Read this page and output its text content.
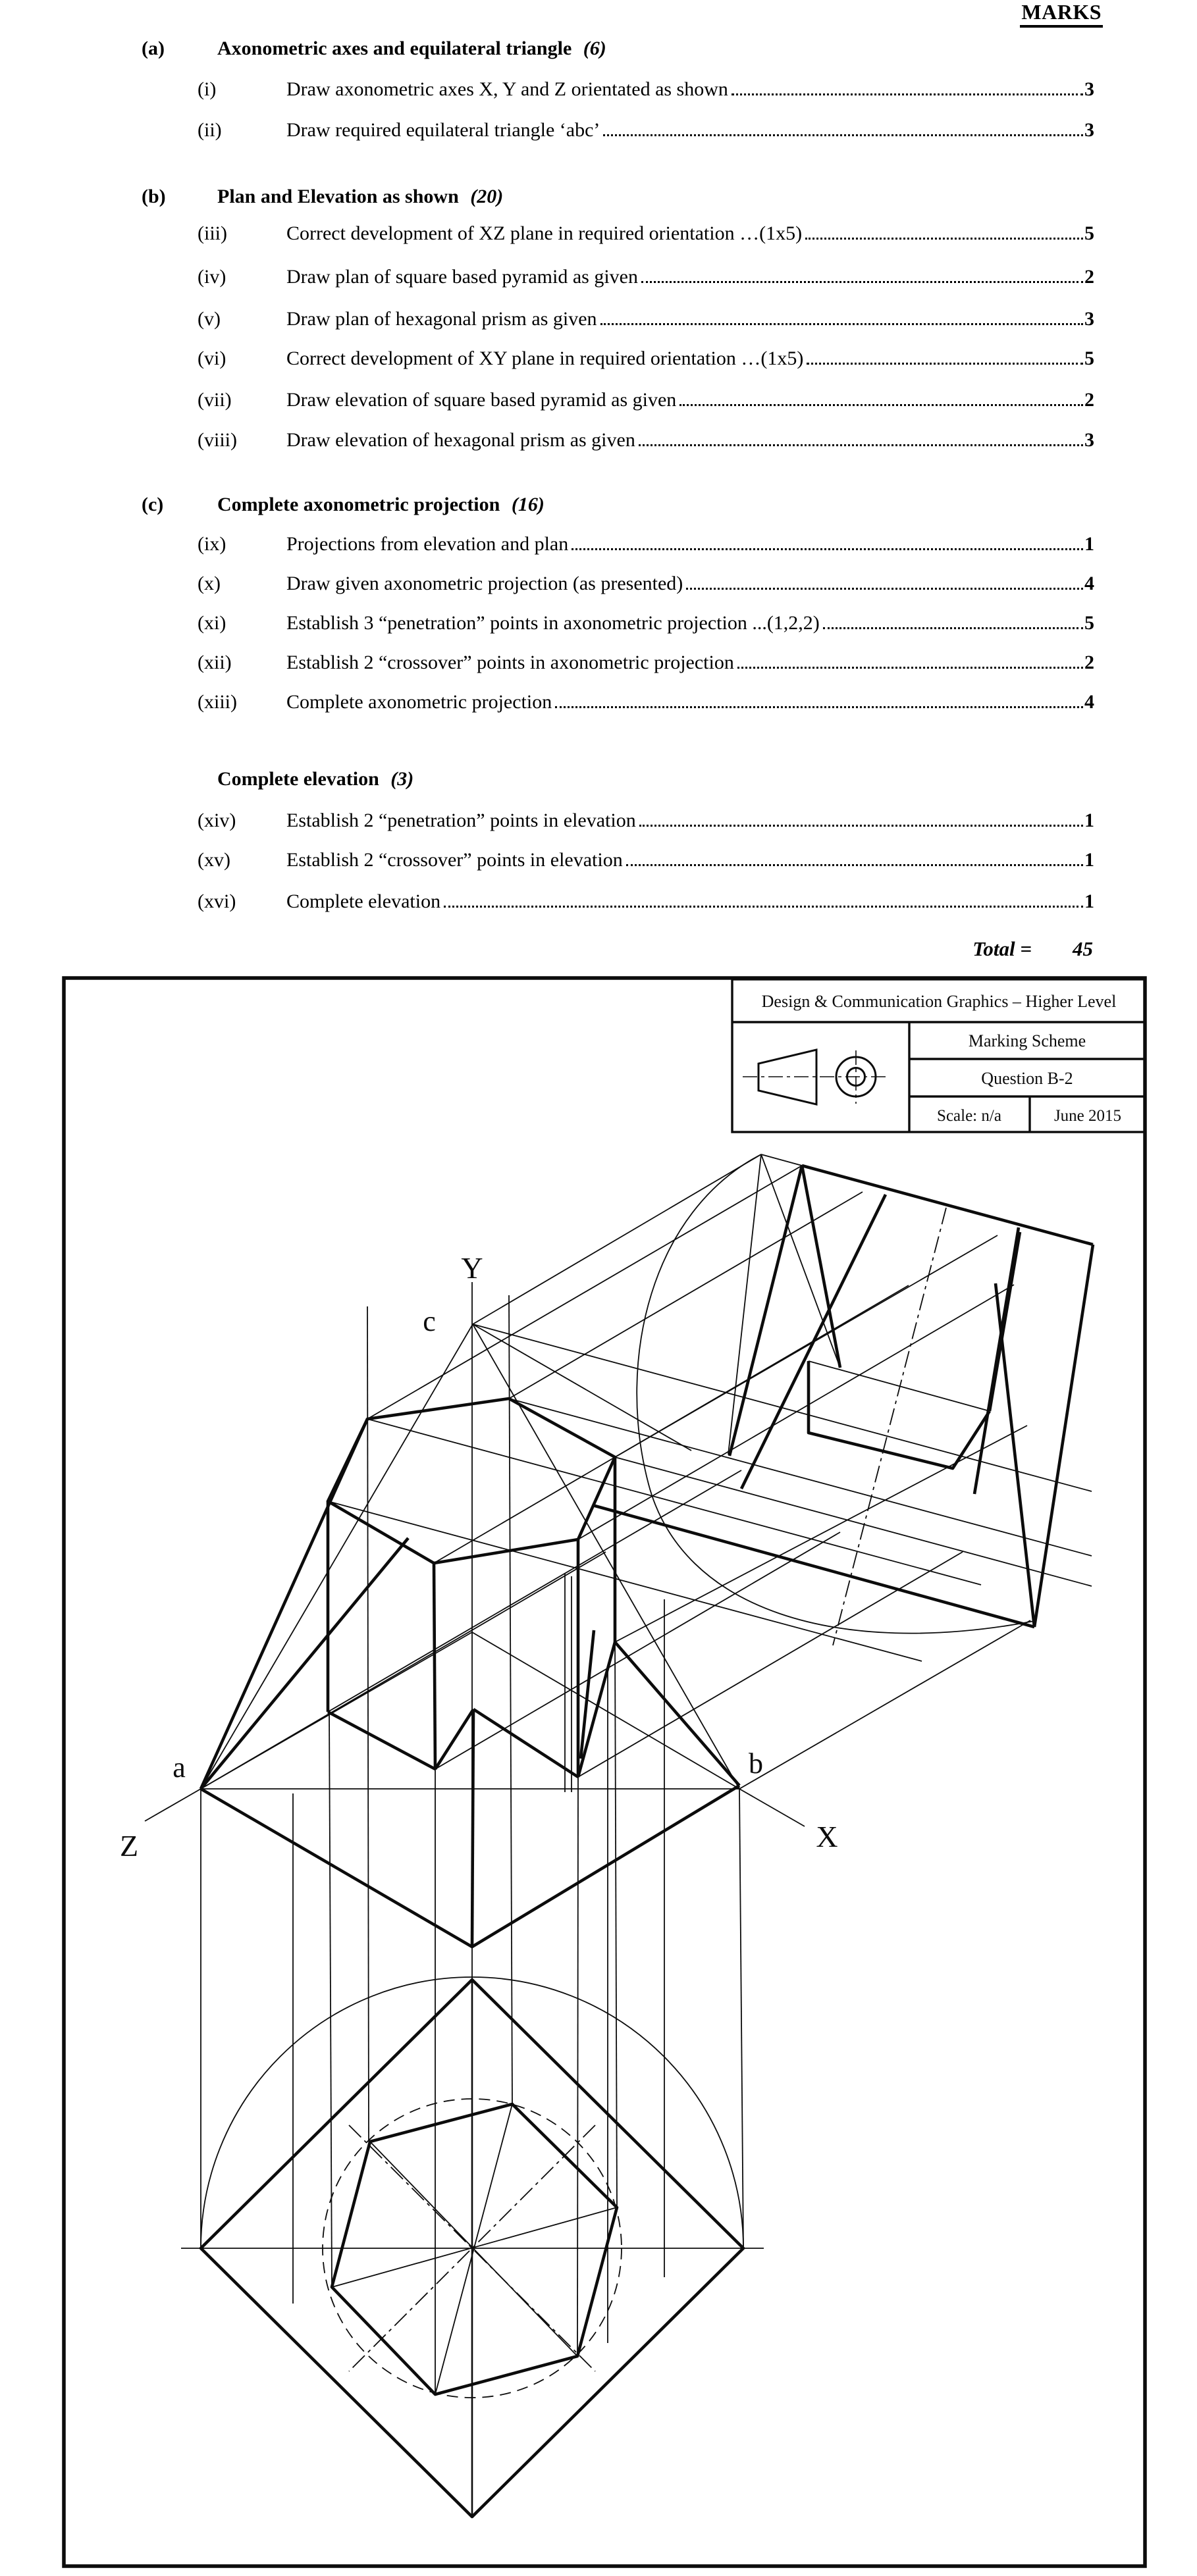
MARKS
(a)	Axonometric axes and equilateral triangle (6)
(i)	Draw axonometric axes X, Y and Z orientated as shown	3
(ii)	Draw required equilateral triangle ‘abc’	3
(b)	Plan and Elevation as shown (20)
(iii)	Correct development of XZ plane in required orientation …(1x5)	5
(iv)	Draw plan of square based pyramid as given	2
(v)	Draw plan of hexagonal prism as given	3
(vi)	Correct development of XY plane in required orientation …(1x5)	5
(vii)	Draw elevation of square based pyramid as given	2
(viii)	Draw elevation of hexagonal prism as given	3
(c)	Complete axonometric projection (16)
(ix)	Projections from elevation and plan	1
(x)	Draw given axonometric projection (as presented)	4
(xi)	Establish 3 “penetration” points in axonometric projection ...(1,2,2)	5
(xii)	Establish 2 “crossover” points in axonometric projection	2
(xiii)	Complete axonometric projection	4
Complete elevation (3)
(xiv)	Establish 2 “penetration” points in elevation	1
(xv)	Establish 2 “crossover” points in elevation	1
(xvi)	Complete elevation	1
Total = 45
Y
X
Z
a	b
c
Design & Communication Graphics – Higher Level
Marking Scheme
Question B-2
Scale: n/a	June 2015
